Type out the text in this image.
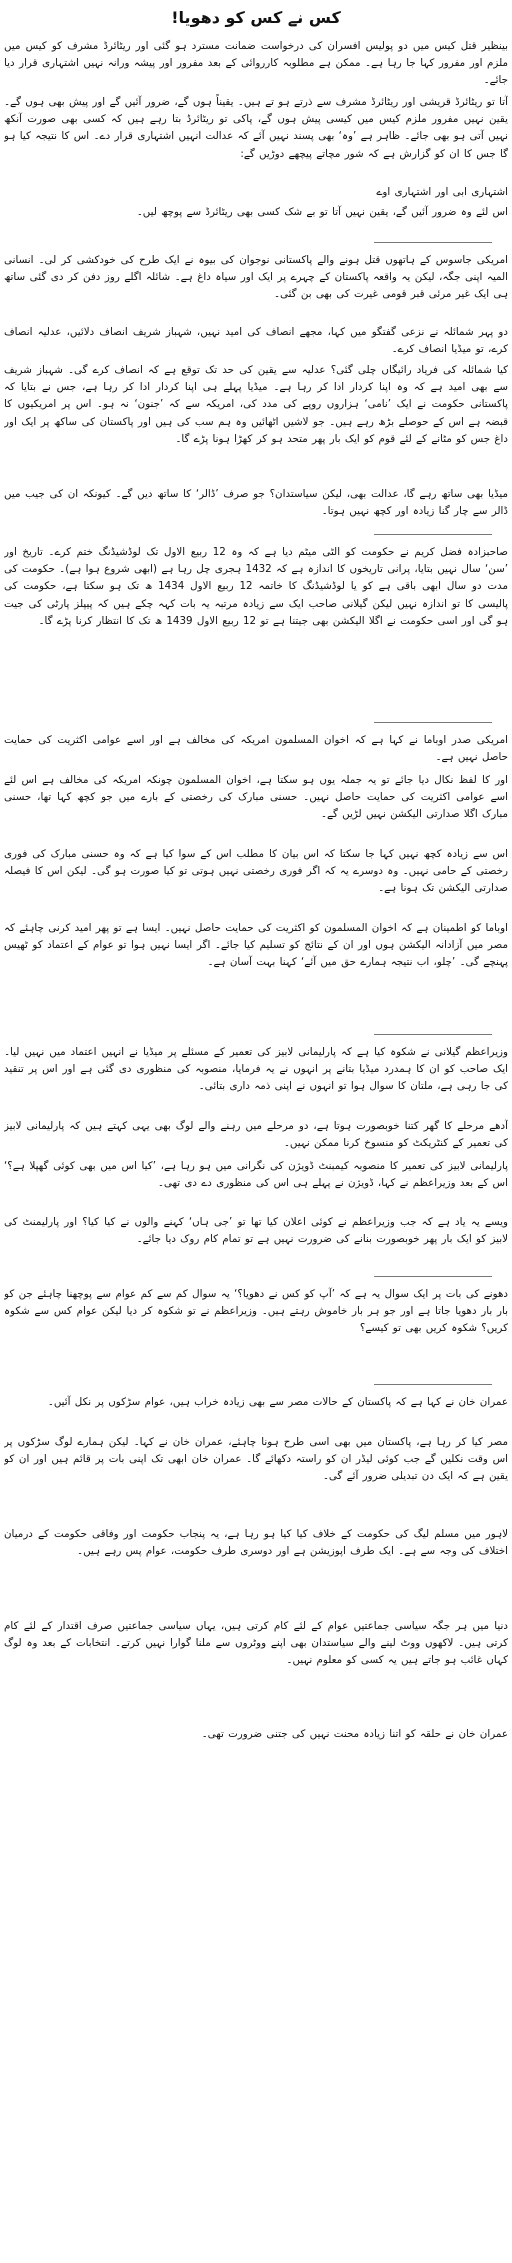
کس نے کس کو دھویا!
بینظیر قتل کیس میں دو پولیس افسران کی درخواست ضمانت مسترد ہو گئی اور ریٹائرڈ مشرف کو کیس میں ملزم اور مفرور کہا جا رہا ہے۔ ممکن ہے مطلوبہ کارروائی کے بعد مفرور اور پیشہ ورانہ نہیں اشتہاری قرار دیا جائے۔
آتا تو ریٹائرڈ قریشی اور ریٹائرڈ مشرف سے ذرتے ہو تے ہیں۔ یقیناً ہوں گے، ضرور آئیں گے اور پیش بھی ہوں گے۔ یقین نہیں مفرور ملزم کیس میں کیسی پیش ہوں گے، پاکی تو ریٹائرڈ بتا رہے ہیں کہ کسی بھی صورت آنکھ نہیں آتی ہو بھی جائے۔ ظاہر ہے ’وہ‘ بھی پسند نہیں آئے کہ عدالت انہیں اشتہاری قرار دے۔ اس کا نتیجہ کیا ہو گا جس کا ان کو گزارش ہے کہ شور مچاتے پیچھے دوڑیں گے:
اشتہاری ابی اور اشتہاری اوے
اس لئے وہ ضرور آئیں گے، یقین نہیں آتا تو بے شک کسی بھی ریٹائرڈ سے پوچھ لیں۔
امریکی جاسوس کے ہاتھوں قتل ہونے والے پاکستانی نوجوان کی بیوہ نے ایک طرح کی خودکشی کر لی۔ انسانی المیہ اپنی جگہ، لیکن یہ واقعہ پاکستان کے چہرے پر ایک اور سیاہ داغ ہے۔ شائلہ اگلے روز دفن کر دی گئی ساتھ ہی ایک غیر مرئی قبر قومی غیرت کی بھی بن گئی۔
دو پہر شمائلہ نے نزعی گفتگو میں کہا، مجھے انصاف کی امید نہیں، شہباز شریف انصاف دلائیں، عدلیہ انصاف کرے، تو میڈیا انصاف کرے۔
کیا شمائلہ کی فریاد رائیگاں چلی گئی؟ عدلیہ سے یقین کی حد تک توقع ہے کہ انصاف کرے گی۔ شہباز شریف سے بھی امید ہے کہ وہ اپنا کردار ادا کر رہا ہے۔ میڈیا پہلے ہی اپنا کردار ادا کر رہا ہے، جس نے بتایا کہ پاکستانی حکومت نے ایک ’نامی‘ ہزاروں روپے کی مدد کی، امریکہ سے کہ ’جنون‘ نہ ہو۔ اس پر امریکیوں کا قبضہ ہے اس کے حوصلے بڑھ رہے ہیں۔ جو لاشیں اٹھائیں وہ ہم سب کی ہیں اور پاکستان کی ساکھ پر ایک اور داغ جس کو مٹانے کے لئے قوم کو ایک بار پھر متحد ہو کر کھڑا ہونا پڑے گا۔
میڈیا بھی ساتھ رہے گا، عدالت بھی، لیکن سیاستدان؟ جو صرف ’ڈالر‘ کا ساتھ دیں گے۔ کیونکہ ان کی جیب میں ڈالر سے چار گنا زیادہ اور کچھ نہیں ہوتا۔
صاحبزادہ فضل کریم نے حکومت کو الٹی میٹم دیا ہے کہ وہ 12 ربیع الاول تک لوڈشیڈنگ ختم کرے۔ تاریخ اور ’سن‘ سال نہیں بتایا، پرانی تاریخوں کا اندازہ ہے کہ 1432 ہجری چل رہا ہے (ابھی شروع ہوا ہے)۔ حکومت کی مدت دو سال ابھی باقی ہے کو یا لوڈشیڈنگ کا خاتمہ 12 ربیع الاول 1434 ھ تک ہو سکتا ہے، حکومت کی پالیسی کا تو اندازہ نہیں لیکن گیلانی صاحب ایک سے زیادہ مرتبہ یہ بات کہہ چکے ہیں کہ پیپلز پارٹی کی جیت ہو گی اور اسی حکومت نے اگلا الیکشن بھی جیتنا ہے تو 12 ربیع الاول 1439 ھ تک کا انتظار کرنا پڑے گا۔
امریکی صدر اوباما نے کہا ہے کہ اخوان المسلمون امریکہ کی مخالف ہے اور اسے عوامی اکثریت کی حمایت حاصل نہیں ہے۔
اور کا لفظ نکال دیا جائے تو یہ جملہ یوں ہو سکتا ہے، اخوان المسلمون چونکہ امریکہ کی مخالف ہے اس لئے اسے عوامی اکثریت کی حمایت حاصل نہیں۔ حسنی مبارک کی رخصتی کے بارے میں جو کچھ کہا تھا، حسنی مبارک اگلا صدارتی الیکشن نہیں لڑیں گے۔
اس سے زیادہ کچھ نہیں کہا جا سکتا کہ اس بیان کا مطلب اس کے سوا کیا ہے کہ وہ حسنی مبارک کی فوری رخصتی کے حامی نہیں۔ وہ دوسرے یہ کہ اگر فوری رخصتی نہیں ہوتی تو کیا صورت ہو گی۔ لیکن اس کا فیصلہ صدارتی الیکشن تک ہونا ہے۔
اوباما کو اطمینان ہے کہ اخوان المسلمون کو اکثریت کی حمایت حاصل نہیں۔ ایسا ہے تو پھر امید کرنی چاہئے کہ مصر میں آزادانہ الیکشن ہوں اور ان کے نتائج کو تسلیم کیا جائے۔ اگر ایسا نہیں ہوا تو عوام کے اعتماد کو ٹھیس پہنچے گی۔ ’چلو، اب نتیجہ ہمارے حق میں آئے‘ کہنا بہت آسان ہے۔
وزیراعظم گیلانی نے شکوہ کیا ہے کہ پارلیمانی لابیز کی تعمیر کے مسئلے پر میڈیا نے انہیں اعتماد میں نہیں لیا۔ ایک صاحب کو ان کا ہمدرد میڈیا بتانے پر انہوں نے یہ فرمایا، منصوبہ کی منظوری دی گئی ہے اور اس پر تنقید کی جا رہی ہے، ملتان کا سوال ہوا تو انہوں نے اپنی ذمہ داری بتائی۔
آدھے مرحلے کا گھر کتنا خوبصورت ہوتا ہے، دو مرحلے میں رہنے والے لوگ بھی یہی کہتے ہیں کہ پارلیمانی لابیز کی تعمیر کے کنٹریکٹ کو منسوخ کرنا ممکن نہیں۔
پارلیمانی لابیز کی تعمیر کا منصوبہ کیمبنٹ ڈویژن کی نگرانی میں ہو رہا ہے، ’کیا اس میں بھی کوئی گھپلا ہے؟‘ اس کے بعد وزیراعظم نے کہا، ڈویژن نے پہلے ہی اس کی منظوری دے دی تھی۔
ویسے یہ یاد ہے کہ جب وزیراعظم نے کوئی اعلان کیا تھا تو ’جی ہاں‘ کہنے والوں نے کیا کیا؟ اور پارلیمنٹ کی لابیز کو ایک بار پھر خوبصورت بنانے کی ضرورت نہیں ہے تو تمام کام روک دیا جائے۔
دھونے کی بات پر ایک سوال یہ ہے کہ ’آپ کو کس نے دھویا؟‘ یہ سوال کم سے کم عوام سے پوچھنا چاہئے جن کو بار بار دھویا جاتا ہے اور جو ہر بار خاموش رہتے ہیں۔ وزیراعظم نے تو شکوہ کر دیا لیکن عوام کس سے شکوہ کریں؟ شکوہ کریں بھی تو کیسے؟
عمران خان نے کہا ہے کہ پاکستان کے حالات مصر سے بھی زیادہ خراب ہیں، عوام سڑکوں پر نکل آئیں۔
مصر کیا کر رہا ہے، پاکستان میں بھی اسی طرح ہونا چاہئے، عمران خان نے کہا۔ لیکن ہمارے لوگ سڑکوں پر اس وقت نکلیں گے جب کوئی لیڈر ان کو راستہ دکھائے گا۔ عمران خان ابھی تک اپنی بات پر قائم ہیں اور ان کو یقین ہے کہ ایک دن تبدیلی ضرور آئے گی۔
لاہور میں مسلم لیگ کی حکومت کے خلاف کیا کیا ہو رہا ہے، یہ پنجاب حکومت اور وفاقی حکومت کے درمیان اختلاف کی وجہ سے ہے۔ ایک طرف اپوزیشن ہے اور دوسری طرف حکومت، عوام پس رہے ہیں۔
دنیا میں ہر جگہ سیاسی جماعتیں عوام کے لئے کام کرتی ہیں، یہاں سیاسی جماعتیں صرف اقتدار کے لئے کام کرتی ہیں۔ لاکھوں ووٹ لینے والے سیاستدان بھی اپنے ووٹروں سے ملنا گوارا نہیں کرتے۔ انتخابات کے بعد وہ لوگ کہاں غائب ہو جاتے ہیں یہ کسی کو معلوم نہیں۔
عمران خان نے حلقہ کو اتنا زیادہ محنت نہیں کی جتنی ضرورت تھی۔
